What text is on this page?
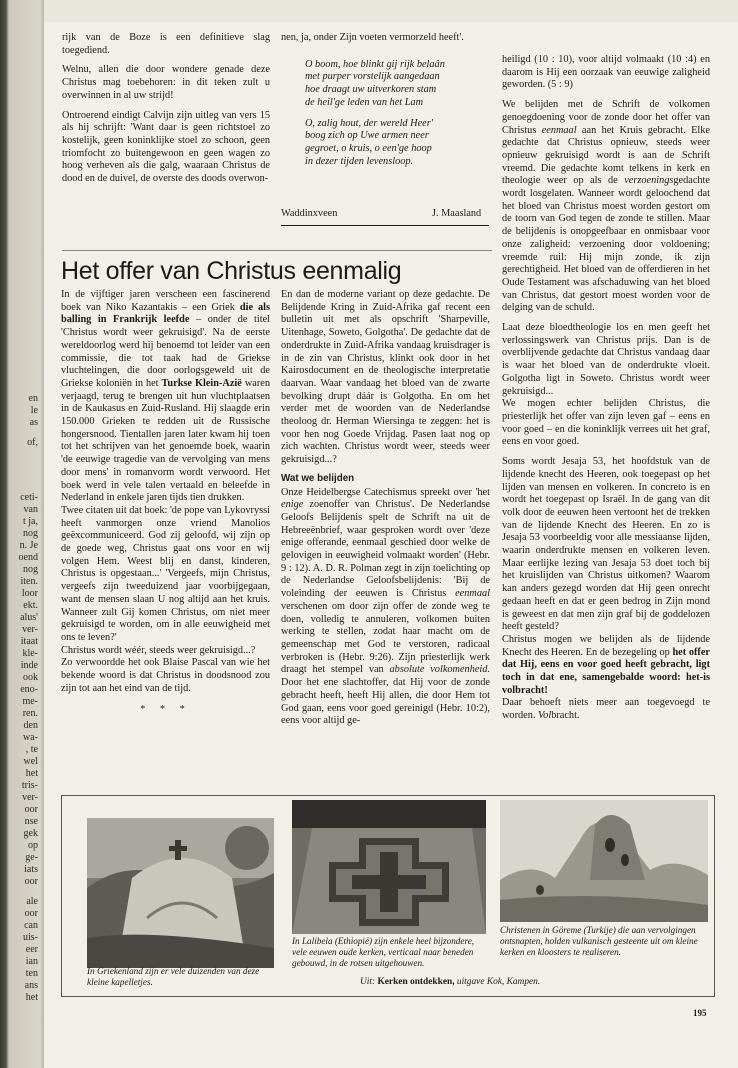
en
le
as
of,
ceti-
van
t ja,
nog
n. Je
oend
nog
iten.
loor
ekt.
alus'
ver-
itaat
kle-
inde
ook
eno-
me-
ren.
den
wa-
, te
wel
het
tris-
ver-
oor
nse
gek
op
ge-
iats
oor
ale
oor
can
uis-
eer
ian
ten
ans
het

rijk van de Boze is een definitieve slag toegediend.

Welnu, allen die door wondere genade deze Christus mag toebehoren: in dit teken zult u overwinnen in al uw strijd!

Ontroerend eindigt Calvijn zijn uitleg van vers 15 als hij schrijft: 'Want daar is geen richtstoel zo kostelijk, geen koninklijke stoel zo schoon, geen triomfocht zo buitengewoon en geen wagen zo hoog verheven als die galg, waaraan Christus de dood en de duivel, de overste des doods overwon-

nen, ja, onder Zijn voeten vermorzeld heeft'.

O boom, hoe blinkt gij rijk belaân
met purper vorstelijk aangedaan
hoe draagt uw uitverkoren stam
de heil'ge leden van het Lam
O, zalig hout, der wereld Heer'
boog zich op Uwe armen neer
gegroet, o kruis, o een'ge hoop
in dezer tijden levensloop.
Waddinxveen	J. Maasland
Het offer van Christus eenmalig

In de vijftiger jaren verscheen een fascinerend boek van Niko Kazantakis – een Griek die als balling in Frankrijk leefde – onder de titel 'Christus wordt weer gekruisigd'. Na de eerste wereldoorlog werd hij benoemd tot leider van een commissie, die tot taak had de Griekse vluchtelingen, die door oorlogsgeweld uit de Griekse koloniën in het Turkse Klein-Azië waren verjaagd, terug te brengen uit hun vluchtplaatsen in de Kaukasus en Zuid-Rusland. Hij slaagde erin 150.000 Grieken te redden uit de Russische hongersnood. Tientallen jaren later kwam hij toen tot het schrijven van het genoemde boek, waarin 'de eeuwige tragedie van de vervolging van mens door mens' in romanvorm wordt verwoord. Het boek werd in vele talen vertaald en beleefde in Nederland in enkele jaren tijds tien drukken.

Twee citaten uit dat boek: 'de pope van Lykovryssi heeft vanmorgen onze vriend Manolios geëxcommuniceerd. God zij geloofd, wij zijn op de goede weg, Christus gaat ons voor en wij volgen Hem. Weest blij en danst, kinderen, Christus is opgestaan...' 'Vergeefs, mijn Christus, vergeefs zijn tweeduizend jaar voorbijgegaan, want de mensen slaan U nog altijd aan het kruis. Wanneer zult Gij komen Christus, om niet meer gekruisigd te worden, om in alle eeuwigheid met ons te leven?'

Christus wordt wéér, steeds weer gekruisigd...?

Zo verwoordde het ook Blaise Pascal van wie het bekende woord is dat Christus in doodsnood zou zijn tot aan het eind van de tijd.

* * *

En dan de moderne variant op deze gedachte. De Belijdende Kring in Zuid-Afrika gaf recent een bulletin uit met als opschrift 'Sharpeville, Uitenhage, Soweto, Golgotha'. De gedachte dat de onderdrukte in Zuid-Afrika vandaag kruisdrager is in de zin van Christus, klinkt ook door in het Kairosdocument en de theologische interpretatie daarvan. Waar vandaag het bloed van de zwarte bevolking drupt dáár is Golgotha. En om het verder met de woorden van de Nederlandse theoloog dr. Herman Wiersinga te zeggen: het is voor hen nog Goede Vrijdag. Pasen laat nog op zich wachten. Christus wordt weer, steeds weer gekruisigd...?

Wat we belijden

Onze Heidelbergse Catechismus spreekt over 'het enige zoenoffer van Christus'. De Nederlandse Geloofs Belijdenis spelt de Schrift na uit de Hebreeënbrief, waar gesproken wordt over 'deze enige offerande, eenmaal geschied door welke de gelovigen in eeuwigheid volmaakt worden' (Hebr. 9 : 12). A. D. R. Polman zegt in zijn toelichting op de Nederlandse Geloofsbelijdenis: 'Bij de voleinding der eeuwen is Christus eenmaal verschenen om door zijn offer de zonde weg te doen, volledig te annuleren, volkomen buiten werking te stellen, zodat haar macht om de gemeenschap met God te verstoren, radicaal verbroken is (Hebr. 9:26). Zijn priesterlijk werk draagt het stempel van absolute volkomenheid. Door het ene slachtoffer, dat Hij voor de zonde gebracht heeft, heeft Hij allen, die door Hem tot God gaan, eens voor goed gereinigd (Hebr. 10:2), eens voor altijd ge-

heiligd (10 : 10), voor altijd volmaakt (10 :4) en daarom is Hij een oorzaak van eeuwige zaligheid geworden. (5 : 9)

We belijden met de Schrift de volkomen genoegdoening voor de zonde door het offer van Christus eenmaal aan het Kruis gebracht. Elke gedachte dat Christus opnieuw, steeds weer opnieuw gekruisigd wordt is aan de Schrift vreemd. Die gedachte komt telkens in kerk en theologie weer op als de verzoeningsgedachte wordt losgelaten. Wanneer wordt geloochend dat het bloed van Christus moest worden gestort om de toorn van God tegen de zonde te stillen. Maar de belijdenis is onopgeefbaar en onmisbaar voor onze zaligheid: verzoening door voldoening; vreemde ruil: Hij mijn zonde, ik zijn gerechtigheid. Het bloed van de offerdieren in het Oude Testament was afschaduwing van het bloed van Christus, dat gestort moest worden voor de delging van de schuld.

Laat deze bloedtheologie los en men geeft het verlossingswerk van Christus prijs. Dan is de overblijvende gedachte dat Christus vandaag daar is waar het bloed van de onderdrukte vloeit. Golgotha ligt in Soweto. Christus wordt weer gekruisigd...

We mogen echter belijden Christus, die priesterlijk het offer van zijn leven gaf – eens en voor goed – en die koninklijk verrees uit het graf, eens en voor goed.

Soms wordt Jesaja 53, het hoofdstuk van de lijdende knecht des Heeren, ook toegepast op het lijden van mensen en volkeren. In concreto is en wordt het toegepast op Israël. In de gang van dit volk door de eeuwen heen vertoont het de trekken van de lijdende Knecht des Heeren. En zo is Jesaja 53 voorbeeldig voor alle messiaanse lijden, waarin onderdrukte mensen en volkeren leven. Maar eerlijke lezing van Jesaja 53 doet toch bij het kruislijden van Christus uitkomen? Waarom kan anders gezegd worden dat Hij geen onrecht gedaan heeft en dat er geen bedrog in Zijn mond is geweest en dat men zijn graf bij de goddelozen heeft gesteld?

Christus mogen we belijden als de lijdende Knecht des Heeren. En de bezegeling op het offer dat Hij, eens en voor goed heeft gebracht, ligt toch in dat ene, samengebalde woord: het-is volbracht!

Daar behoeft niets meer aan toegevoegd te worden. Volbracht.

In Griekenland zijn er vele duizenden van deze kleine kapelletjes.
In Lalibela (Ethiopië) zijn enkele heel bijzondere, vele eeuwen oude kerken, verticaal naar beneden gebouwd, in de rotsen uitgehouwen.
Christenen in Göreme (Turkije) die aan vervolgingen ontsnapten, holden vulkanisch gesteente uit om kleine kerken en kloosters te realiseren.
Uit: Kerken ontdekken, uitgave Kok, Kampen.
195
